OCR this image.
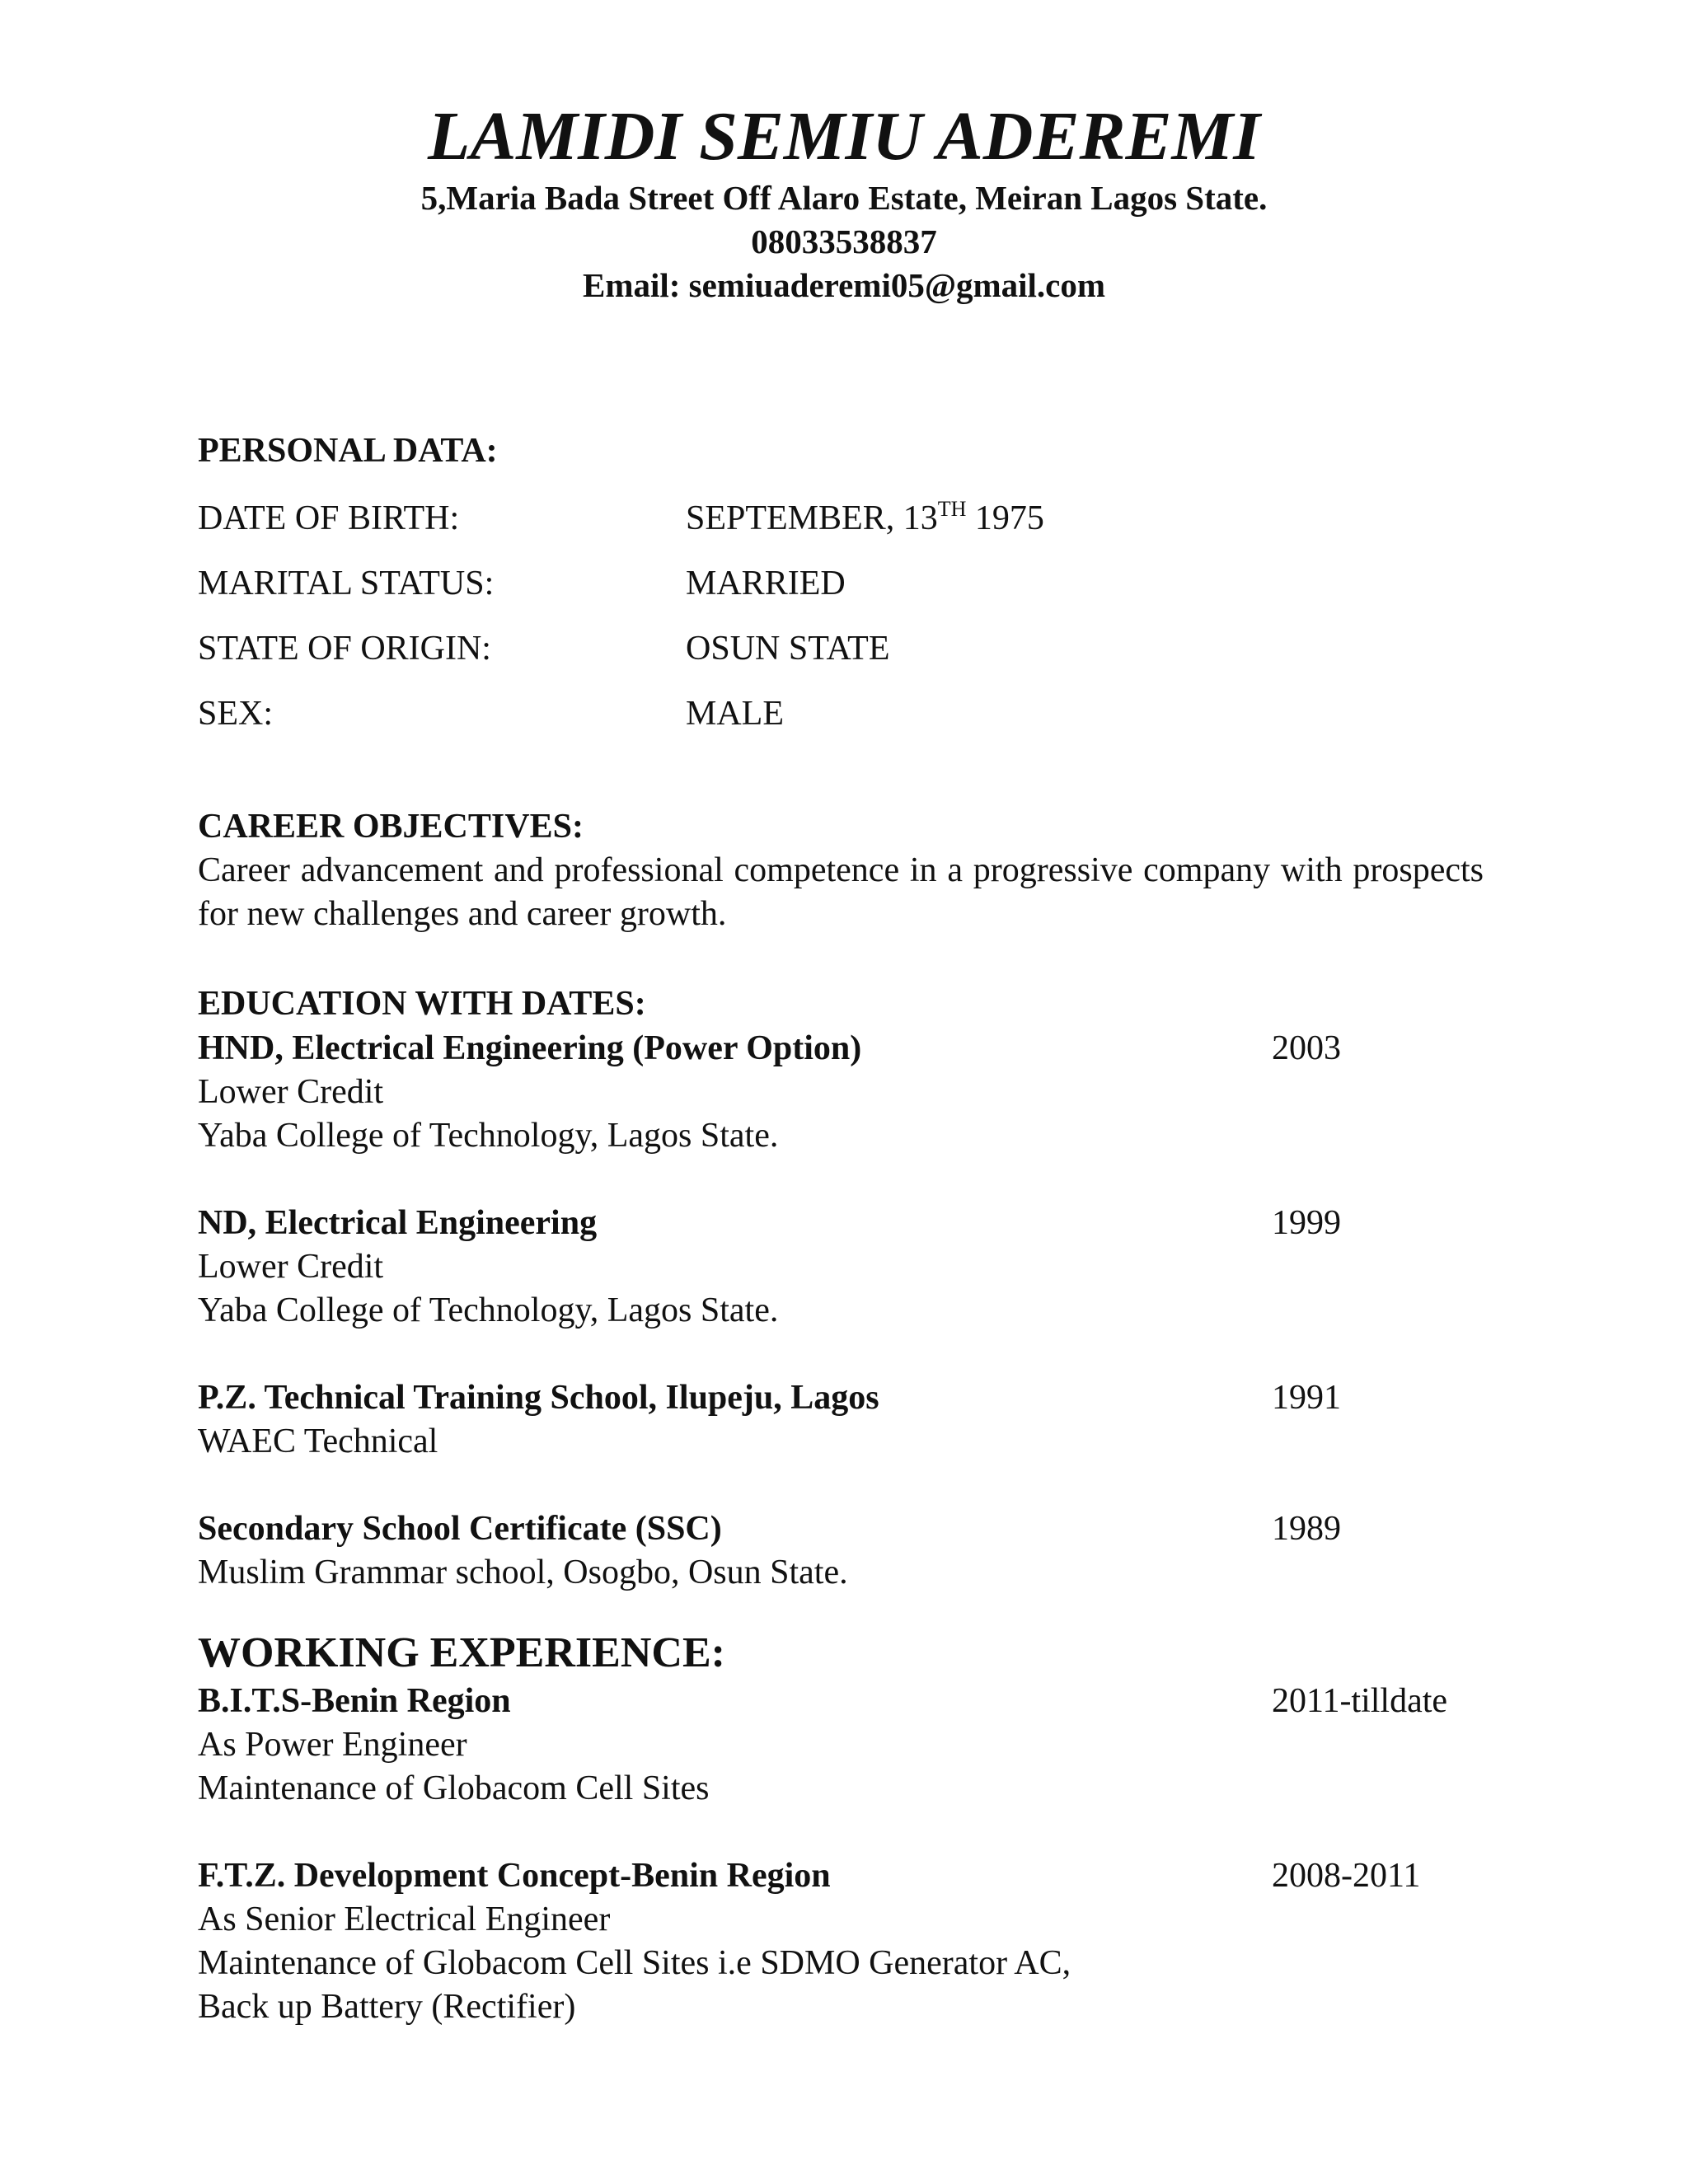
LAMIDI SEMIU ADEREMI
5,Maria Bada Street Off Alaro Estate, Meiran Lagos State.
08033538837
Email: semiuaderemi05@gmail.com
PERSONAL DATA:
DATE OF BIRTH:	SEPTEMBER, 13TH 1975
MARITAL STATUS:	MARRIED
STATE OF ORIGIN:	OSUN STATE
SEX:	MALE
CAREER OBJECTIVES:
Career advancement and professional competence in a progressive company with prospects for new challenges and career growth.
EDUCATION WITH DATES:
HND, Electrical Engineering (Power Option)	2003
Lower Credit
Yaba College of Technology, Lagos State.
ND, Electrical Engineering	1999
Lower Credit
Yaba College of Technology, Lagos State.
P.Z. Technical Training School, Ilupeju, Lagos	1991
WAEC Technical
Secondary School Certificate (SSC)	1989
Muslim Grammar school, Osogbo, Osun State.
WORKING EXPERIENCE:
B.I.T.S-Benin Region	2011-tilldate
As Power Engineer
Maintenance of Globacom Cell Sites
F.T.Z. Development Concept-Benin Region	2008-2011
As Senior Electrical Engineer
Maintenance of Globacom Cell Sites i.e SDMO Generator AC,
Back up Battery (Rectifier)
